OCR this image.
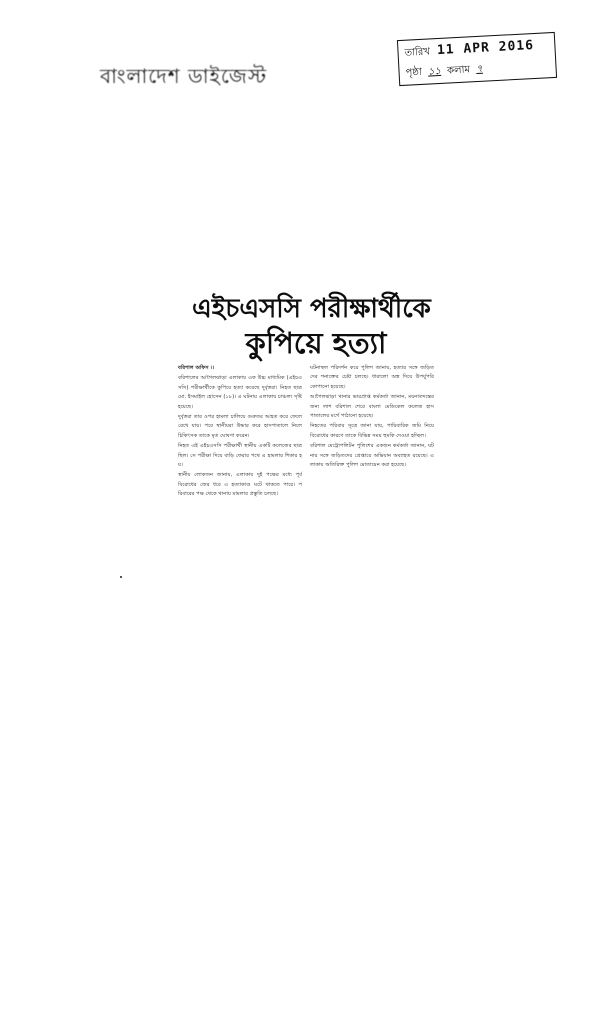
বাংলাদেশ ডাইজেস্ট
তারিখ 11 APR 2016
পৃষ্ঠা ১১ কলাম ৭
এইচএসসি পরীক্ষার্থীকে
কুপিয়ে হত্যা

বরিশাল অফিস ।।

বরিশালের আগৈলঝাড়া এলাকায় এক উচ্চ মাধ্যমিক (এইচএসসি) পরীক্ষার্থীকে কুপিয়ে হত্যা করেছে দুর্বৃত্তরা। নিহত ছাত্র মো. ইসমাইল হোসেন (১৮)। এ ঘটনায় এলাকায় চাঞ্চল্য সৃষ্টি হয়েছে।

দুর্বৃত্তরা তার ওপর হামলা চালিয়ে গুরুতর আহত করে ফেলে রেখে যায়। পরে স্থানীয়রা উদ্ধার করে হাসপাতালে নিলে চিকিৎসক তাকে মৃত ঘোষণা করেন।

নিহত এই এইচএসসি পরীক্ষার্থী স্থানীয় একটি কলেজের ছাত্র ছিল। সে পরীক্ষা দিয়ে বাড়ি ফেরার পথে এ হামলার শিকার হয়।

স্থানীয় লোকজন জানায়, এলাকায় দুই পক্ষের মধ্যে পূর্ব বিরোধের জের ধরে এ হত্যাকাণ্ড ঘটে থাকতে পারে। পরিবারের পক্ষ থেকে থানায় মামলার প্রস্তুতি চলছে।

ঘটনাস্থল পরিদর্শন করে পুলিশ জানায়, হত্যার সঙ্গে জড়িতদের শনাক্তের চেষ্টা চলছে। ধারালো অস্ত্র দিয়ে উপর্যুপরি কোপানো হয়েছে।

আগৈলঝাড়া থানার ভারপ্রাপ্ত কর্মকর্তা জানান, ময়নাতদন্তের জন্য লাশ বরিশাল শেরে বাংলা মেডিকেল কলেজ হাসপাতালের মর্গে পাঠানো হয়েছে।

নিহতের পরিবার সূত্রে জানা যায়, পারিবারিক জমি নিয়ে বিরোধের কারণে তাকে বিভিন্ন সময় হুমকি দেওয়া হচ্ছিল।

বরিশাল মেট্রোপলিটন পুলিশের একজন কর্মকর্তা জানান, ঘটনার সঙ্গে জড়িতদের গ্রেপ্তারে অভিযান অব্যাহত রয়েছে। এলাকায় অতিরিক্ত পুলিশ মোতায়েন করা হয়েছে।
